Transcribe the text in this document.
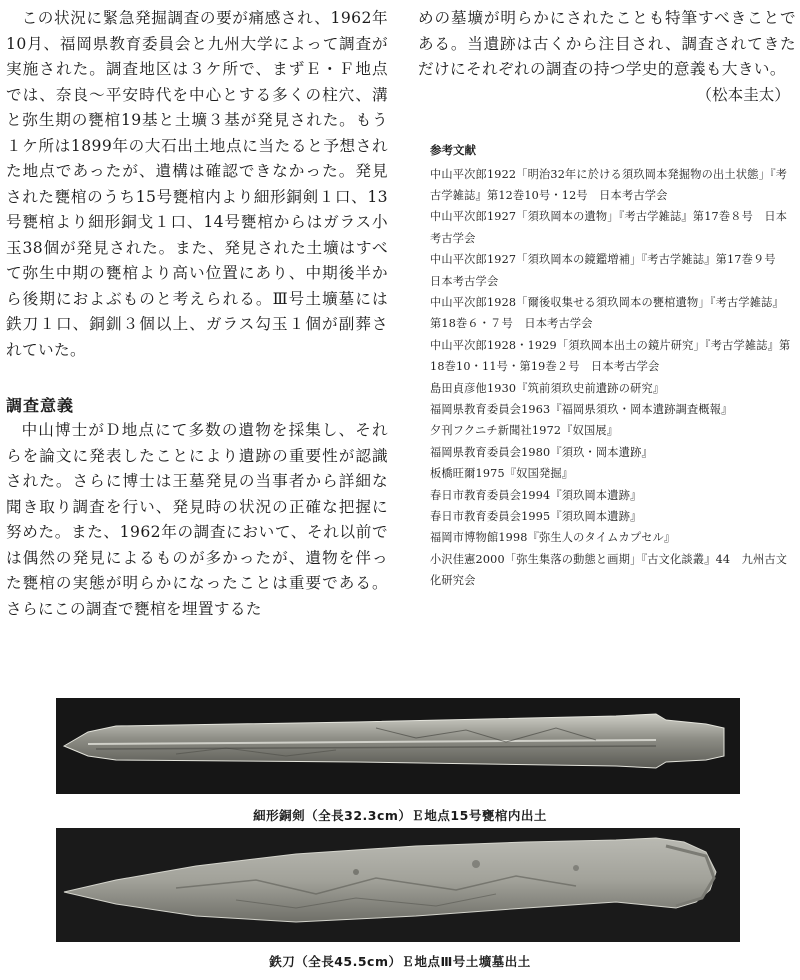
この状況に緊急発掘調査の要が痛感され、1962年10月、福岡県教育委員会と九州大学によって調査が実施された。調査地区は３ケ所で、まずＥ・Ｆ地点では、奈良～平安時代を中心とする多くの柱穴、溝と弥生期の甕棺19基と土壙３基が発見された。もう１ケ所は1899年の大石出土地点に当たると予想された地点であったが、遺構は確認できなかった。発見された甕棺のうち15号甕棺内より細形銅剣１口、13号甕棺より細形銅戈１口、14号甕棺からはガラス小玉38個が発見された。また、発見された土壙はすべて弥生中期の甕棺より高い位置にあり、中期後半から後期におよぶものと考えられる。Ⅲ号土壙墓には鉄刀１口、銅釧３個以上、ガラス勾玉１個が副葬されていた。

調査意義

中山博士がＤ地点にて多数の遺物を採集し、それらを論文に発表したことにより遺跡の重要性が認識された。さらに博士は王墓発見の当事者から詳細な聞き取り調査を行い、発見時の状況の正確な把握に努めた。また、1962年の調査において、それ以前では偶然の発見によるものが多かったが、遺物を伴った甕棺の実態が明らかになったことは重要である。さらにこの調査で甕棺を埋置するた

めの墓壙が明らかにされたことも特筆すべきことである。当遺跡は古くから注目され、調査されてきただけにそれぞれの調査の持つ学史的意義も大きい。

（松本圭太）

参考文献
中山平次郎1922「明治32年に於ける須玖岡本発掘物の出土状態」『考
古学雑誌』第12巻10号・12号　日本考古学会
中山平次郎1927「須玖岡本の遺物」『考古学雑誌』第17巻８号　日本
考古学会
中山平次郎1927「須玖岡本の鏡鑑増補」『考古学雑誌』第17巻９号
日本考古学会
中山平次郎1928「爾後収集せる須玖岡本の甕棺遺物」『考古学雑誌』
第18巻６・７号　日本考古学会
中山平次郎1928・1929「須玖岡本出土の鏡片研究」『考古学雑誌』第
18巻10・11号・第19巻２号　日本考古学会
島田貞彦他1930『筑前須玖史前遺跡の研究』
福岡県教育委員会1963『福岡県須玖・岡本遺跡調査概報』
夕刊フクニチ新聞社1972『奴国展』
福岡県教育委員会1980『須玖・岡本遺跡』
板橋旺爾1975『奴国発掘』
春日市教育委員会1994『須玖岡本遺跡』
春日市教育委員会1995『須玖岡本遺跡』
福岡市博物館1998『弥生人のタイムカプセル』
小沢佳憲2000「弥生集落の動態と画期」『古文化談叢』44　九州古文
化研究会
細形銅剣（全長32.3cm）Ｅ地点15号甕棺内出土
鉄刀（全長45.5cm）Ｅ地点Ⅲ号土壙墓出土
